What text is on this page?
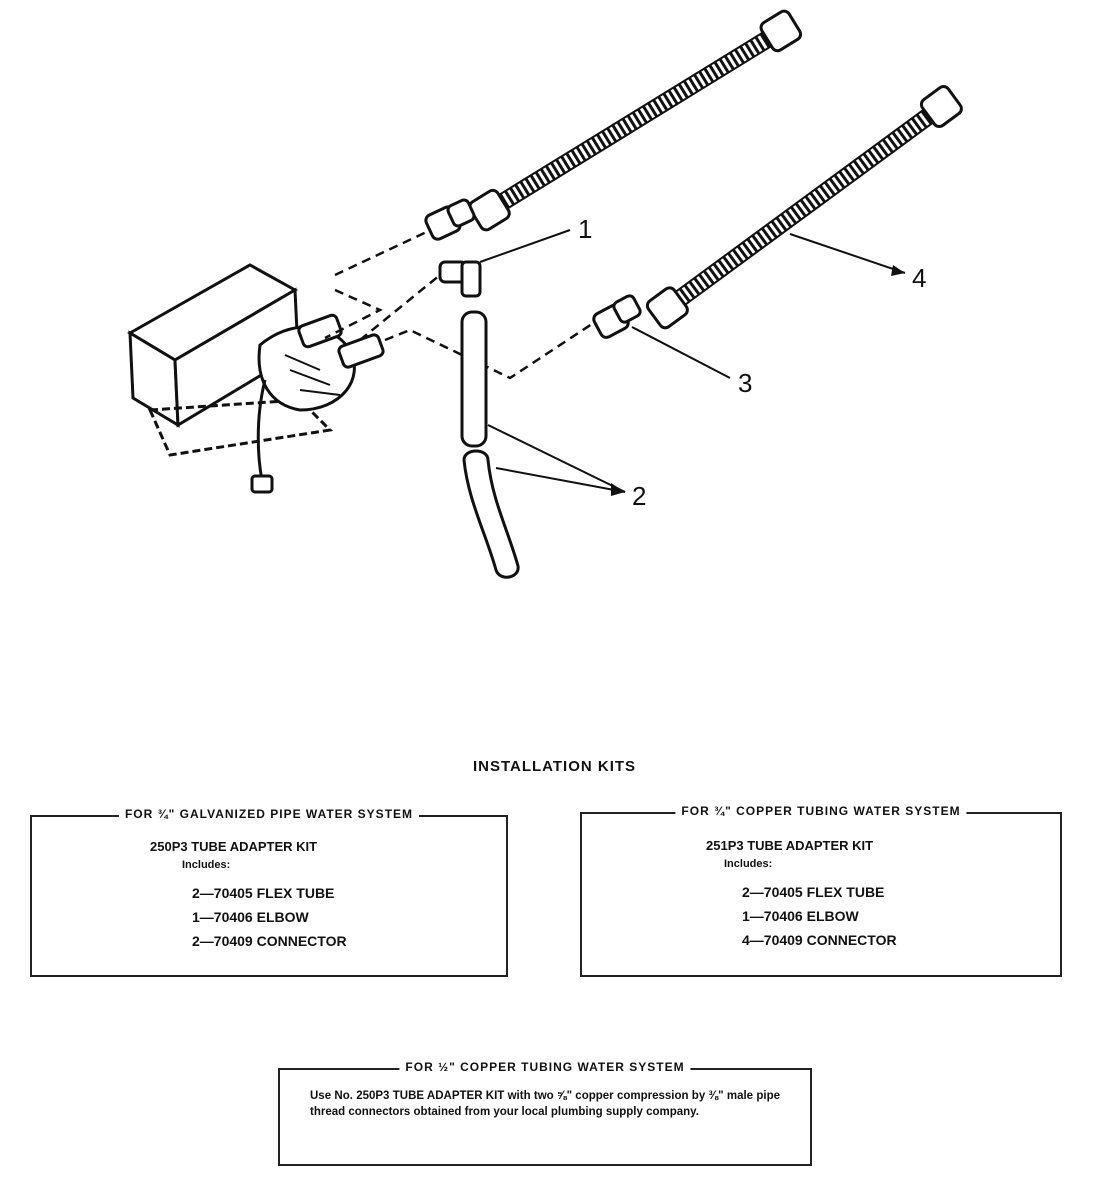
1
2
3
4
INSTALLATION KITS
FOR ¾" GALVANIZED PIPE WATER SYSTEM
250P3 TUBE ADAPTER KIT
Includes:
2—70405 FLEX TUBE
1—70406 ELBOW
2—70409 CONNECTOR
FOR ¾" COPPER TUBING WATER SYSTEM
251P3 TUBE ADAPTER KIT
Includes:
2—70405 FLEX TUBE
1—70406 ELBOW
4—70409 CONNECTOR
FOR ½" COPPER TUBING WATER SYSTEM
Use No. 250P3 TUBE ADAPTER KIT with two ⅝" copper compression by ⅜" male pipe thread connectors obtained from your local plumbing supply company.
